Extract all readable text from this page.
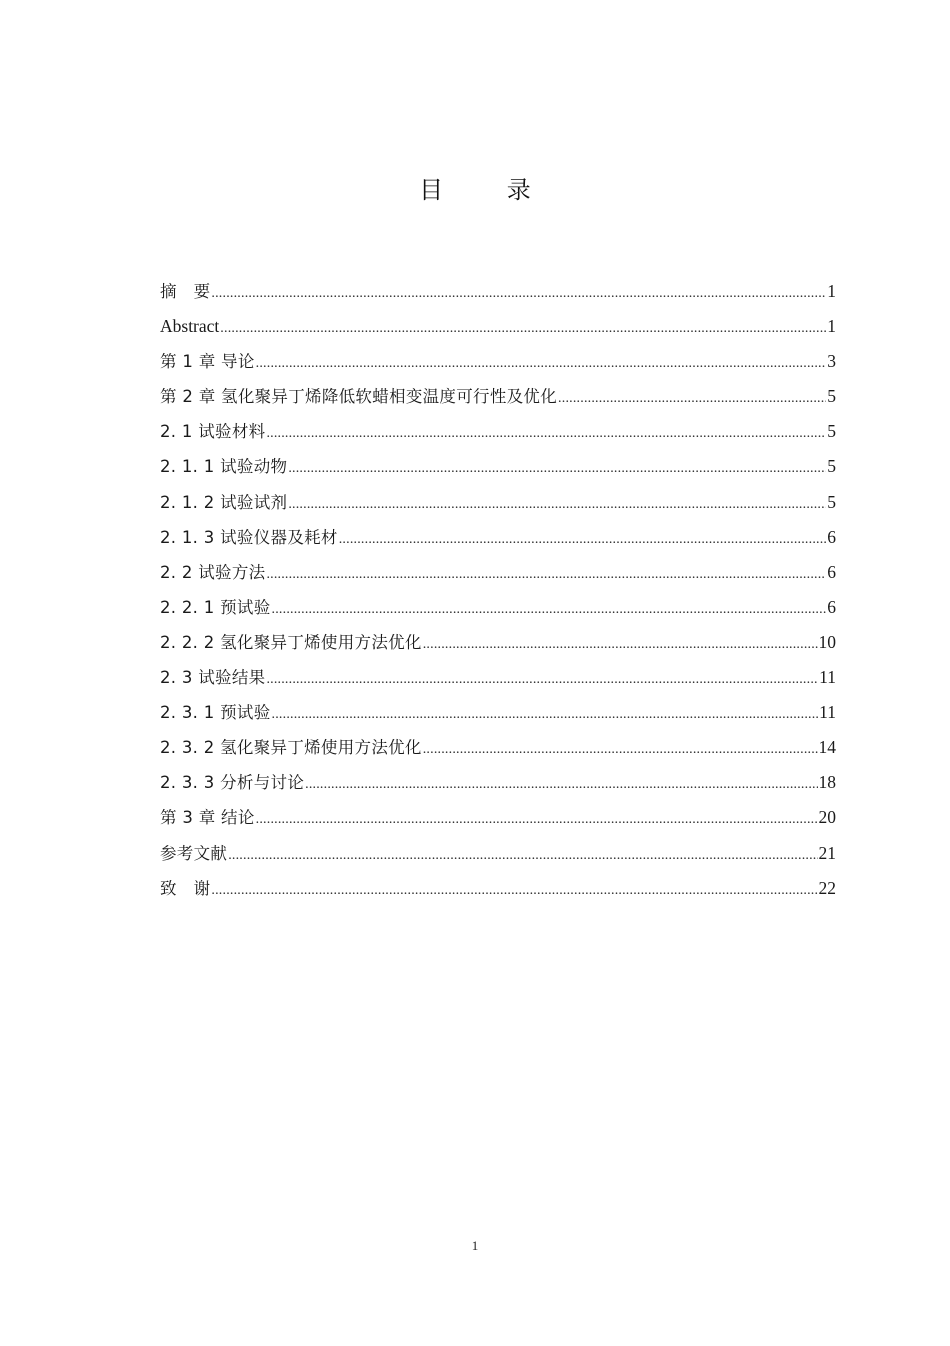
目 录
摘　要 .....	1
Abstract .....	1
第 1 章 导论 .....	3
第 2 章 氢化聚异丁烯降低软蜡相变温度可行性及优化 .....	5
2. 1 试验材料 .....	5
2. 1. 1 试验动物 .....	5
2. 1. 2 试验试剂 .....	5
2. 1. 3 试验仪器及耗材 .....	6
2. 2 试验方法 .....	6
2. 2. 1 预试验 .....	6
2. 2. 2 氢化聚异丁烯使用方法优化 .....	10
2. 3 试验结果 .....	11
2. 3. 1 预试验 .....	11
2. 3. 2 氢化聚异丁烯使用方法优化 .....	14
2. 3. 3 分析与讨论 .....	18
第 3 章 结论 .....	20
参考文献 .....	21
致　谢 .....	22
1
